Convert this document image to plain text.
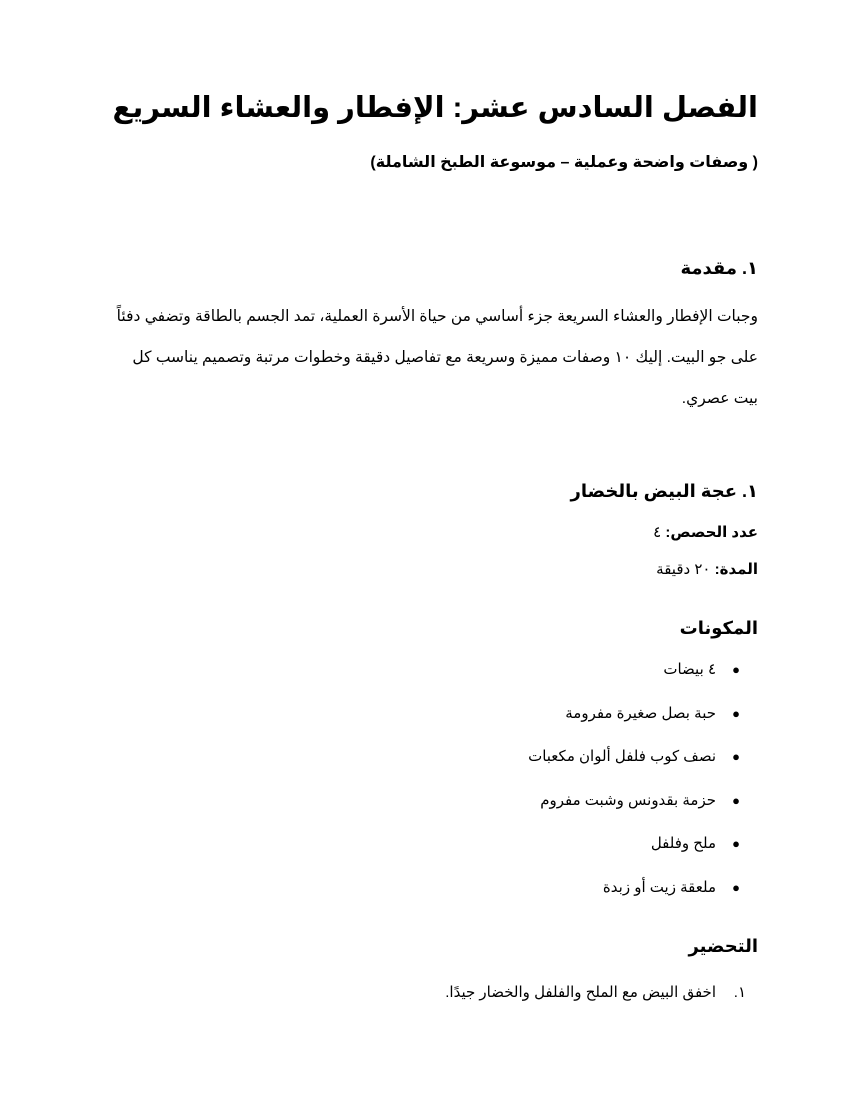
الفصل السادس عشر: الإفطار والعشاء السريع

( وصفات واضحة وعملية – موسوعة الطبخ الشاملة)

١. مقدمة

وجبات الإفطار والعشاء السريعة جزء أساسي من حياة الأسرة العملية، تمد الجسم بالطاقة وتضفي دفئاً
على جو البيت. إليك ١٠ وصفات مميزة وسريعة مع تفاصيل دقيقة وخطوات مرتبة وتصميم يناسب كل
بيت عصري.

١. عجة البيض بالخضار

عدد الحصص: ٤

المدة: ٢٠ دقيقة

المكونات
●
٤ بيضات
●
حبة بصل صغيرة مفرومة
●
نصف كوب فلفل ألوان مكعبات
●
حزمة بقدونس وشبت مفروم
●
ملح وفلفل
●
ملعقة زيت أو زبدة
التحضير
١.
اخفق البيض مع الملح والفلفل والخضار جيدًا.
